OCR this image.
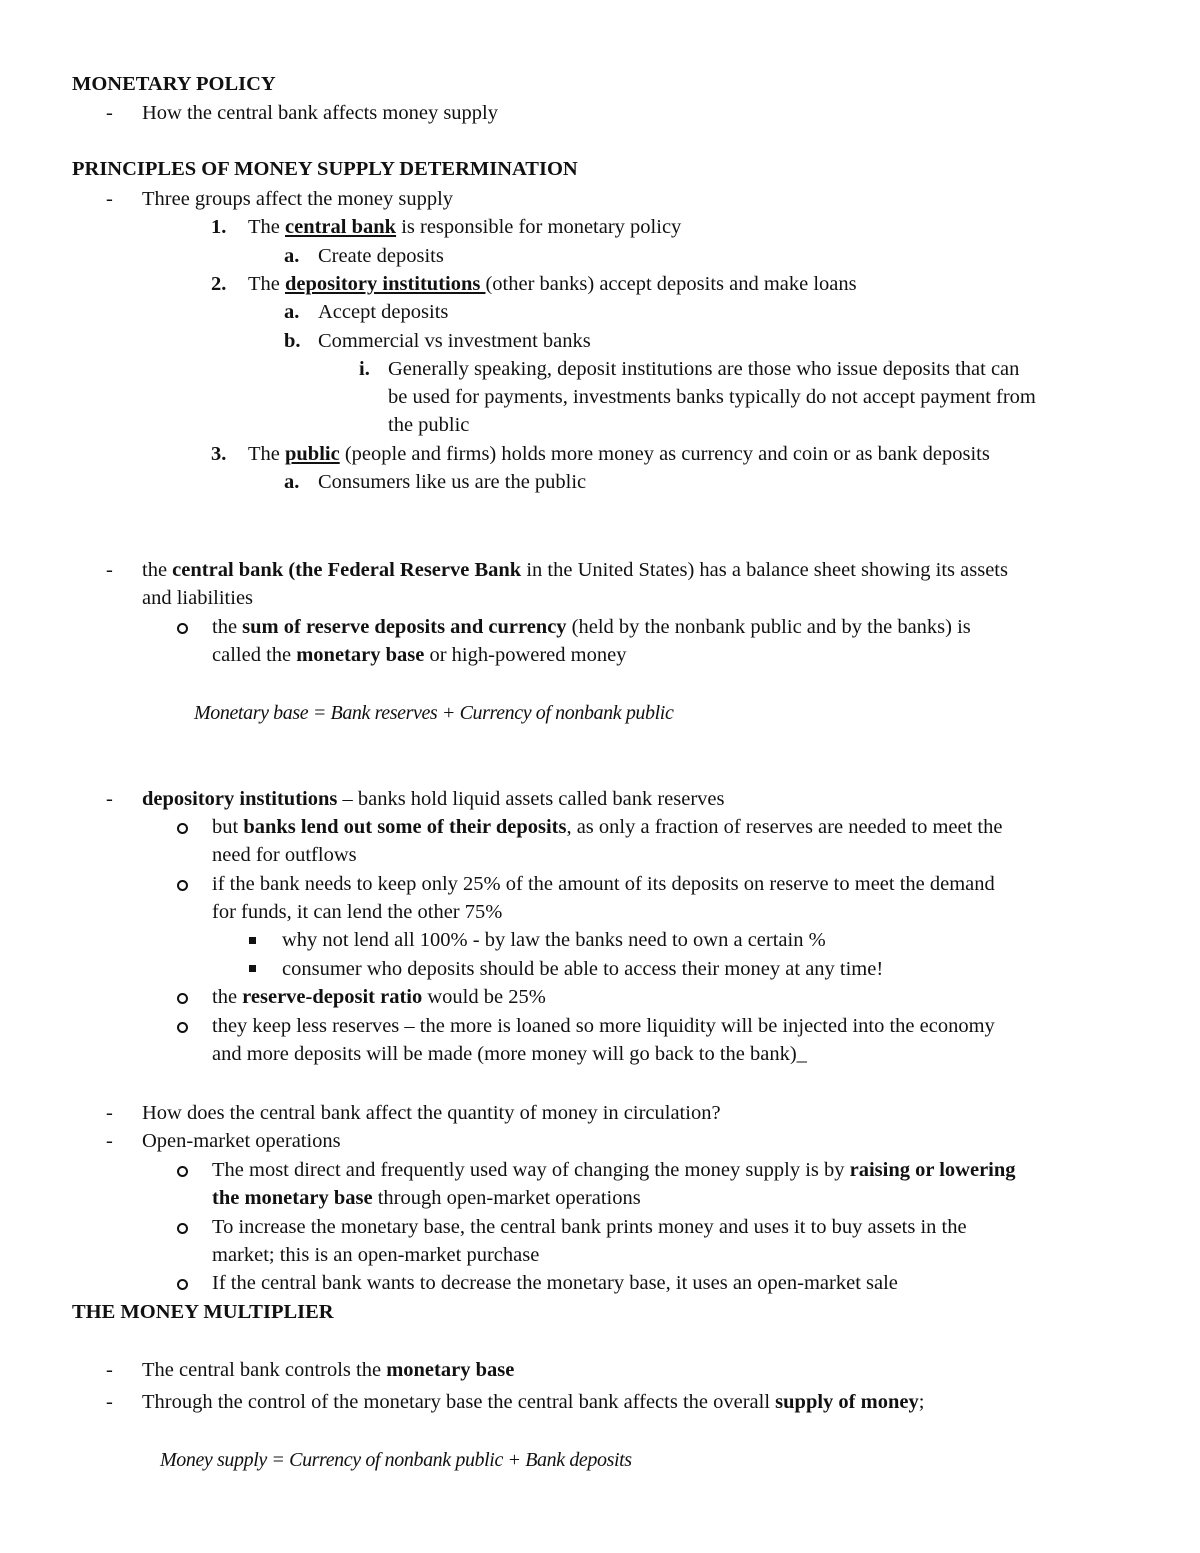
MONETARY POLICY
- How the central bank affects money supply
PRINCIPLES OF MONEY SUPPLY DETERMINATION
- Three groups affect the money supply
1. The central bank is responsible for monetary policy
a. Create deposits
2. The depository institutions (other banks) accept deposits and make loans
a. Accept deposits
b. Commercial vs investment banks
i. Generally speaking, deposit institutions are those who issue deposits that can
be used for payments, investments banks typically do not accept payment from
the public
3. The public (people and firms) holds more money as currency and coin or as bank deposits
a. Consumers like us are the public
- the central bank (the Federal Reserve Bank in the United States) has a balance sheet showing its assets
and liabilities
the sum of reserve deposits and currency (held by the nonbank public and by the banks) is
called the monetary base or high-powered money
Monetary base = Bank reserves + Currency of nonbank public
- depository institutions – banks hold liquid assets called bank reserves
but banks lend out some of their deposits, as only a fraction of reserves are needed to meet the
need for outflows
if the bank needs to keep only 25% of the amount of its deposits on reserve to meet the demand
for funds, it can lend the other 75%
why not lend all 100% - by law the banks need to own a certain %
consumer who deposits should be able to access their money at any time!
the reserve-deposit ratio would be 25%
they keep less reserves – the more is loaned so more liquidity will be injected into the economy
and more deposits will be made (more money will go back to the bank)_
- How does the central bank affect the quantity of money in circulation?
- Open-market operations
The most direct and frequently used way of changing the money supply is by raising or lowering
the monetary base through open-market operations
To increase the monetary base, the central bank prints money and uses it to buy assets in the
market; this is an open-market purchase
If the central bank wants to decrease the monetary base, it uses an open-market sale
THE MONEY MULTIPLIER
- The central bank controls the monetary base
- Through the control of the monetary base the central bank affects the overall supply of money;
Money supply = Currency of nonbank public + Bank deposits
